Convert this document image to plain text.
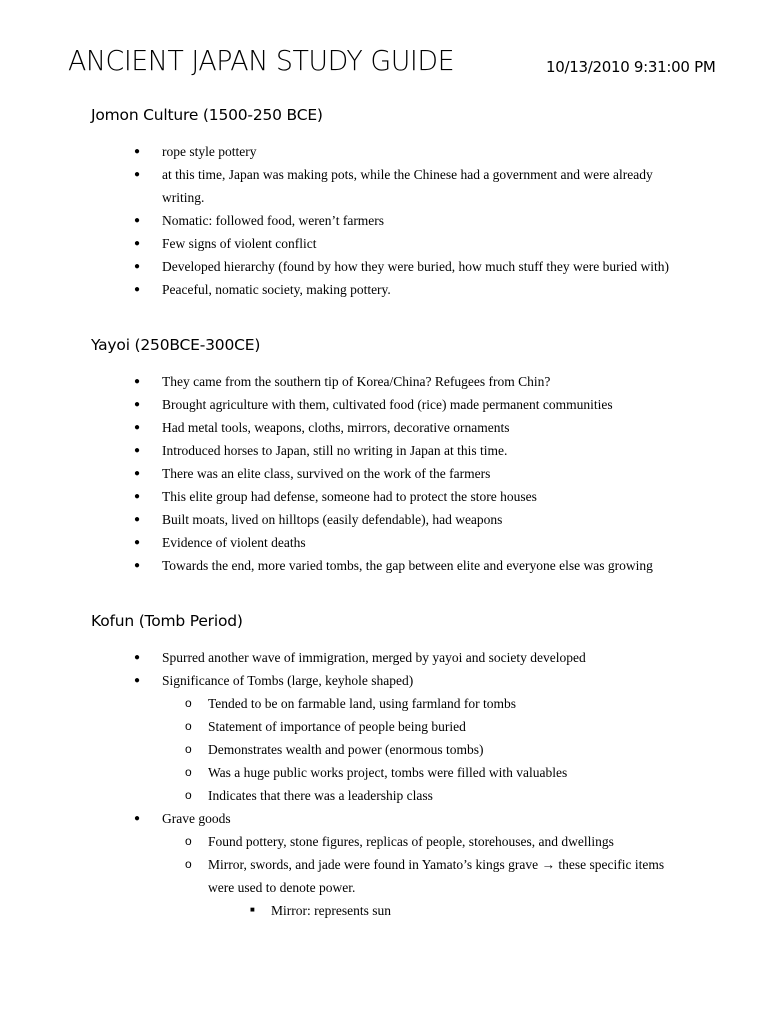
ANCIENT JAPAN STUDY GUIDE	10/13/2010 9:31:00 PM
Jomon Culture (1500-250 BCE)
● rope style pottery
● at this time, Japan was making pots, while the Chinese had a government and were already writing.
● Nomatic: followed food, weren’t farmers
● Few signs of violent conflict
● Developed hierarchy (found by how they were buried, how much stuff they were buried with)
● Peaceful, nomatic society, making pottery.
Yayoi (250BCE-300CE)
● They came from the southern tip of Korea/China? Refugees from Chin?
● Brought agriculture with them, cultivated food (rice) made permanent communities
● Had metal tools, weapons, cloths, mirrors, decorative ornaments
● Introduced horses to Japan, still no writing in Japan at this time.
● There was an elite class, survived on the work of the farmers
● This elite group had defense, someone had to protect the store houses
● Built moats, lived on hilltops (easily defendable), had weapons
● Evidence of violent deaths
● Towards the end, more varied tombs, the gap between elite and everyone else was growing
Kofun (Tomb Period)
● Spurred another wave of immigration, merged by yayoi and society developed
● Significance of Tombs (large, keyhole shaped)
o Tended to be on farmable land, using farmland for tombs
o Statement of importance of people being buried
o Demonstrates wealth and power (enormous tombs)
o Was a huge public works project, tombs were filled with valuables
o Indicates that there was a leadership class
● Grave goods
o Found pottery, stone figures, replicas of people, storehouses, and dwellings
o Mirror, swords, and jade were found in Yamato’s kings grave → these specific items were used to denote power.
■ Mirror: represents sun
